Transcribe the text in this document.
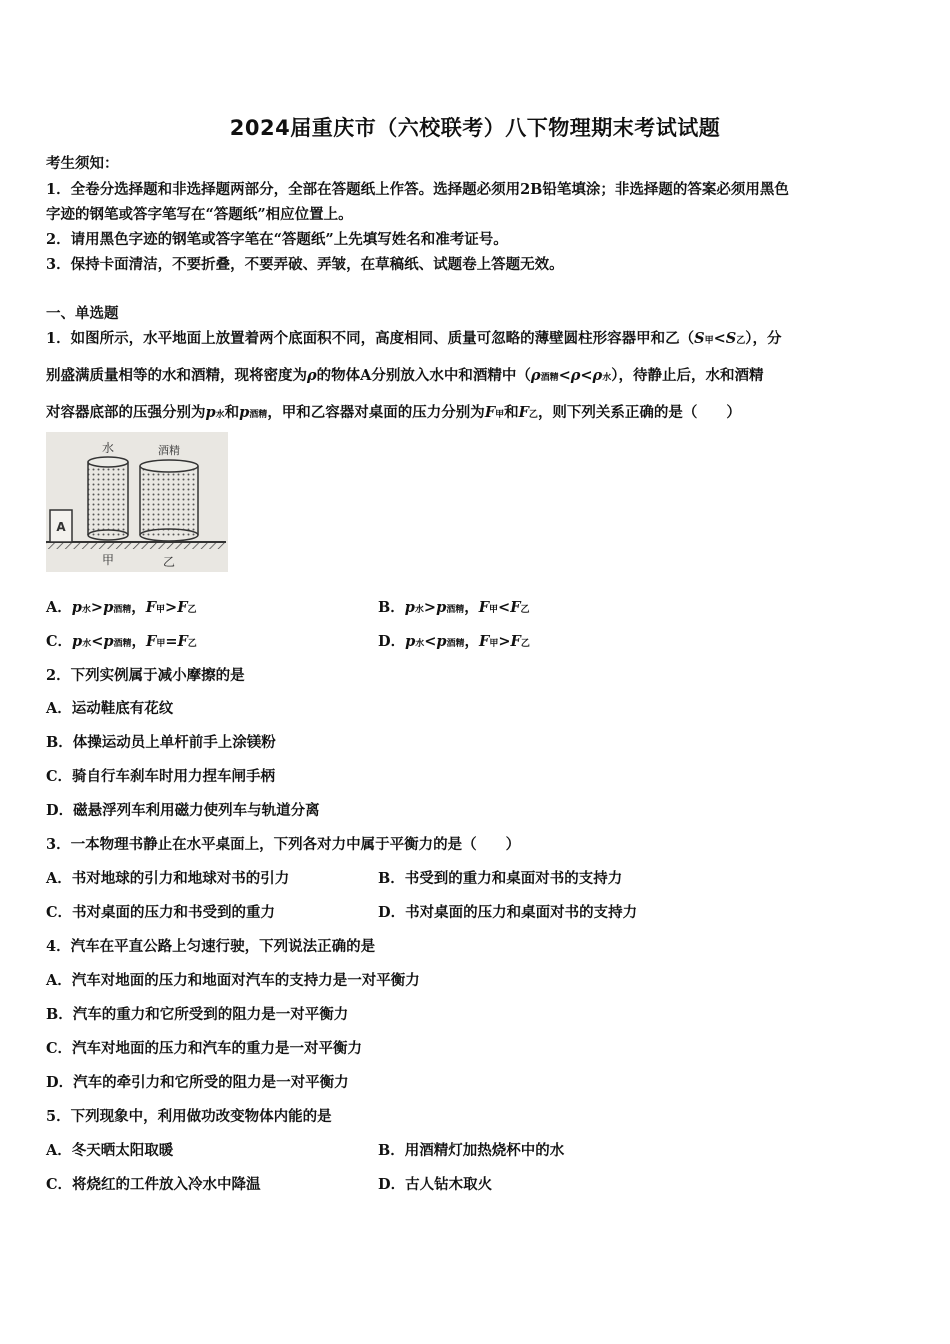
2024届重庆市（六校联考）八下物理期末考试试题
考生须知：
1．全卷分选择题和非选择题两部分，全部在答题纸上作答。选择题必须用2B铅笔填涂；非选择题的答案必须用黑色
字迹的钢笔或答字笔写在“答题纸”相应位置上。
2．请用黑色字迹的钢笔或答字笔在“答题纸”上先填写姓名和准考证号。
3．保持卡面清洁，不要折叠，不要弄破、弄皱，在草稿纸、试题卷上答题无效。
一、单选题
1．如图所示，水平地面上放置着两个底面积不同，高度相同、质量可忽略的薄壁圆柱形容器甲和乙（S甲<S乙），分
别盛满质量相等的水和酒精，现将密度为ρ的物体A分别放入水中和酒精中（ρ酒精<ρ<ρ水），待静止后，水和酒精
对容器底部的压强分别为p水和p酒精，甲和乙容器对桌面的压力分别为F甲和F乙，则下列关系正确的是（　　）
A
水	酒精
甲	乙
A．p水>p酒精，F甲>F乙	B．p水>p酒精，F甲<F乙
C．p水<p酒精，F甲=F乙	D．p水<p酒精，F甲>F乙
2．下列实例属于减小摩擦的是
A．运动鞋底有花纹
B．体操运动员上单杆前手上涂镁粉
C．骑自行车刹车时用力捏车闸手柄
D．磁悬浮列车利用磁力使列车与轨道分离
3．一本物理书静止在水平桌面上，下列各对力中属于平衡力的是（　　）
A．书对地球的引力和地球对书的引力	B．书受到的重力和桌面对书的支持力
C．书对桌面的压力和书受到的重力	D．书对桌面的压力和桌面对书的支持力
4．汽车在平直公路上匀速行驶，下列说法正确的是
A．汽车对地面的压力和地面对汽车的支持力是一对平衡力
B．汽车的重力和它所受到的阻力是一对平衡力
C．汽车对地面的压力和汽车的重力是一对平衡力
D．汽车的牵引力和它所受的阻力是一对平衡力
5．下列现象中，利用做功改变物体内能的是
A．冬天晒太阳取暖	B．用酒精灯加热烧杯中的水
C．将烧红的工件放入冷水中降温	D．古人钻木取火
